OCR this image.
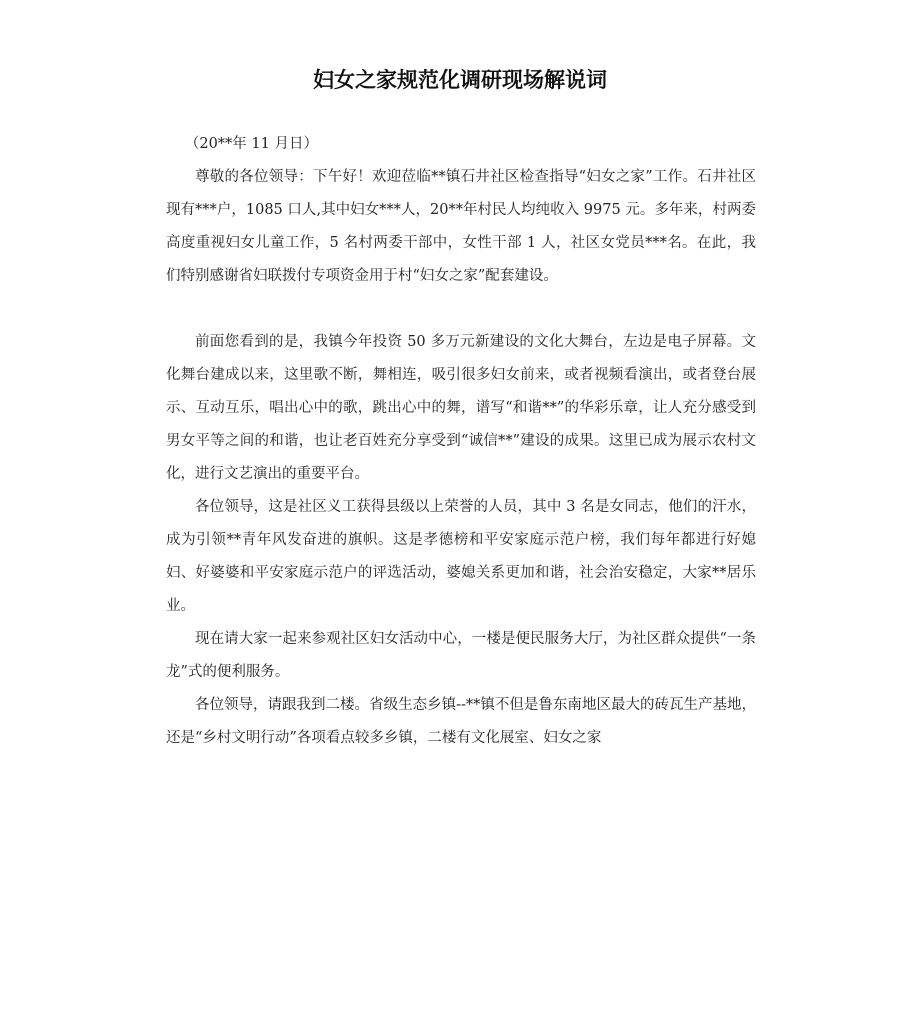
妇女之家规范化调研现场解说词

（20**年 11 月日）

尊敬的各位领导：下午好！欢迎莅临**镇石井社区检查指导“妇女之家”工作。石井社区现有***户，1085 口人,其中妇女***人，20**年村民人均纯收入 9975 元。多年来，村两委高度重视妇女儿童工作，5 名村两委干部中，女性干部 1 人，社区女党员***名。在此，我们特别感谢省妇联拨付专项资金用于村“妇女之家”配套建设。

前面您看到的是，我镇今年投资 50 多万元新建设的文化大舞台，左边是电子屏幕。文化舞台建成以来，这里歌不断，舞相连，吸引很多妇女前来，或者视频看演出，或者登台展示、互动互乐，唱出心中的歌，跳出心中的舞，谱写“和谐**”的华彩乐章，让人充分感受到男女平等之间的和谐，也让老百姓充分享受到“诚信**”建设的成果。这里已成为展示农村文化，进行文艺演出的重要平台。

各位领导，这是社区义工获得县级以上荣誉的人员，其中 3 名是女同志，他们的汗水，成为引领**青年风发奋进的旗帜。这是孝德榜和平安家庭示范户榜，我们每年都进行好媳妇、好婆婆和平安家庭示范户的评选活动，婆媳关系更加和谐，社会治安稳定，大家**居乐业。

现在请大家一起来参观社区妇女活动中心，一楼是便民服务大厅，为社区群众提供“一条龙”式的便利服务。

各位领导，请跟我到二楼。省级生态乡镇--**镇不但是鲁东南地区最大的砖瓦生产基地，还是“乡村文明行动”各项看点较多乡镇，二楼有文化展室、妇女之家
